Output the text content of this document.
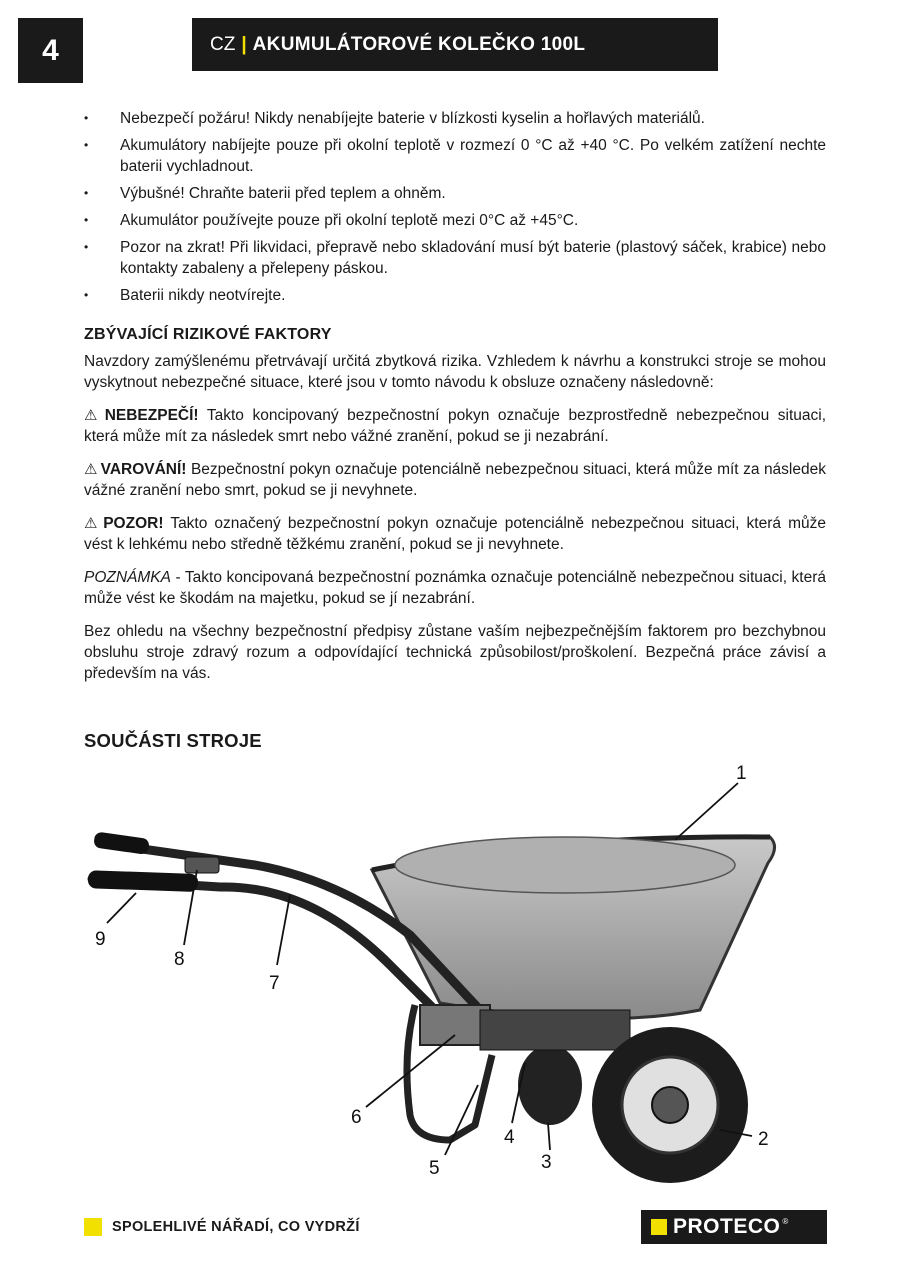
4	CZ | AKUMULÁTOROVÉ KOLEČKO 100L
• Nebezpečí požáru! Nikdy nenabíjejte baterie v blízkosti kyselin a hořlavých materiálů.
• Akumulátory nabíjejte pouze při okolní teplotě v rozmezí 0 °C až +40 °C. Po velkém zatížení nechte baterii vychladnout.
• Výbušné! Chraňte baterii před teplem a ohněm.
• Akumulátor používejte pouze při okolní teplotě mezi 0°C až +45°C.
• Pozor na zkrat! Při likvidaci, přepravě nebo skladování musí být baterie (plastový sáček, krabice) nebo kontakty zabaleny a přelepeny páskou.
• Baterii nikdy neotvírejte.

ZBÝVAJÍCÍ RIZIKOVÉ FAKTORY

Navzdory zamýšlenému přetrvávají určitá zbytková rizika. Vzhledem k návrhu a konstrukci stroje se mohou vyskytnout nebezpečné situace, které jsou v tomto návodu k obsluze označeny následovně:

⚠ NEBEZPEČÍ! Takto koncipovaný bezpečnostní pokyn označuje bezprostředně nebezpečnou situaci, která může mít za následek smrt nebo vážné zranění, pokud se ji nezabrání.

⚠ VAROVÁNÍ! Bezpečnostní pokyn označuje potenciálně nebezpečnou situaci, která může mít za následek vážné zranění nebo smrt, pokud se ji nevyhnete.

⚠ POZOR! Takto označený bezpečnostní pokyn označuje potenciálně nebezpečnou situaci, která může vést k lehkému nebo středně těžkému zranění, pokud se ji nevyhnete.

POZNÁMKA - Takto koncipovaná bezpečnostní poznámka označuje potenciálně nebezpečnou situaci, která může vést ke škodám na majetku, pokud se jí nezabrání.

Bez ohledu na všechny bezpečnostní předpisy zůstane vaším nejbezpečnějším faktorem pro bezchybnou obsluhu stroje zdravý rozum a odpovídající technická způsobilost/proškolení. Bezpečná práce závisí a především na vás.

SOUČÁSTI STROJE
1
2
3
4
5
6
7
8
9
SPOLEHLIVÉ NÁŘADÍ, CO VYDRŽÍ	PROTECO ®
